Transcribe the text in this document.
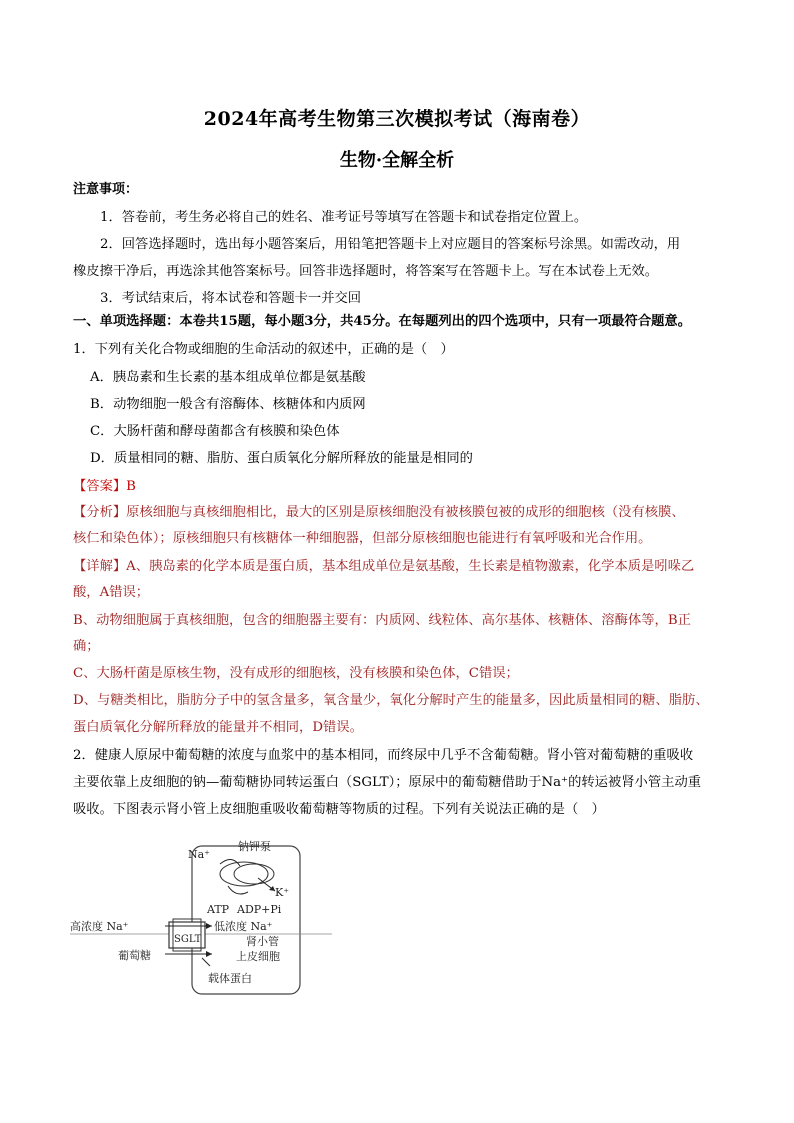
2024年高考生物第三次模拟考试（海南卷）
生物·全解全析
注意事项：
1．答卷前，考生务必将自己的姓名、准考证号等填写在答题卡和试卷指定位置上。
2．回答选择题时，选出每小题答案后，用铅笔把答题卡上对应题目的答案标号涂黑。如需改动，用
橡皮擦干净后，再选涂其他答案标号。回答非选择题时，将答案写在答题卡上。写在本试卷上无效。
3．考试结束后，将本试卷和答题卡一并交回
一、单项选择题：本卷共15题，每小题3分，共45分。在每题列出的四个选项中，只有一项最符合题意。
1．下列有关化合物或细胞的生命活动的叙述中，正确的是（　）
A．胰岛素和生长素的基本组成单位都是氨基酸
B．动物细胞一般含有溶酶体、核糖体和内质网
C．大肠杆菌和酵母菌都含有核膜和染色体
D．质量相同的糖、脂肪、蛋白质氧化分解所释放的能量是相同的
【答案】B
【分析】原核细胞与真核细胞相比，最大的区别是原核细胞没有被核膜包被的成形的细胞核（没有核膜、
核仁和染色体）；原核细胞只有核糖体一种细胞器，但部分原核细胞也能进行有氧呼吸和光合作用。
【详解】A、胰岛素的化学本质是蛋白质，基本组成单位是氨基酸，生长素是植物激素，化学本质是吲哚乙
酸，A错误；
B、动物细胞属于真核细胞，包含的细胞器主要有：内质网、线粒体、高尔基体、核糖体、溶酶体等，B正
确；
C、大肠杆菌是原核生物，没有成形的细胞核，没有核膜和染色体，C错误；
D、与糖类相比，脂肪分子中的氢含量多，氧含量少，氧化分解时产生的能量多，因此质量相同的糖、脂肪、
蛋白质氧化分解所释放的能量并不相同，D错误。
2．健康人原尿中葡萄糖的浓度与血浆中的基本相同，而终尿中几乎不含葡萄糖。肾小管对葡萄糖的重吸收
主要依靠上皮细胞的钠—葡萄糖协同转运蛋白（SGLT）；原尿中的葡萄糖借助于Na⁺的转运被肾小管主动重
吸收。下图表示肾小管上皮细胞重吸收葡萄糖等物质的过程。下列有关说法正确的是（　）
Na⁺
钠钾泵
K⁺
ATP ADP+Pi
高浓度 Na⁺	低浓度 Na⁺
SGLT	肾小管
葡萄糖	上皮细胞
载体蛋白
